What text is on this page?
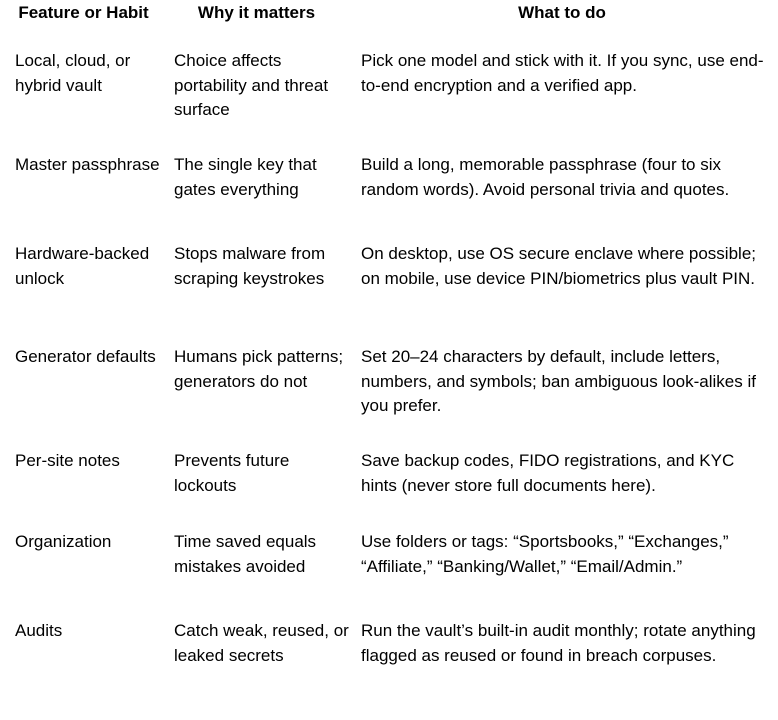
Feature or Habit	Why it matters	What to do
Local, cloud, or hybrid vault	Choice affects portability and threat surface	Pick one model and stick with it. If you sync, use end-to-end encryption and a verified app.
Master passphrase	The single key that gates everything	Build a long, memorable passphrase (four to six random words). Avoid personal trivia and quotes.
Hardware-backed unlock	Stops malware from scraping keystrokes	On desktop, use OS secure enclave where possible; on mobile, use device PIN/biometrics plus vault PIN.
Generator defaults	Humans pick patterns; generators do not	Set 20–24 characters by default, include letters, numbers, and symbols; ban ambiguous look-alikes if you prefer.
Per-site notes	Prevents future lockouts	Save backup codes, FIDO registrations, and KYC hints (never store full documents here).
Organization	Time saved equals mistakes avoided	Use folders or tags: “Sportsbooks,” “Exchanges,” “Affiliate,” “Banking/Wallet,” “Email/Admin.”
Audits	Catch weak, reused, or leaked secrets	Run the vault’s built-in audit monthly; rotate anything flagged as reused or found in breach corpuses.
